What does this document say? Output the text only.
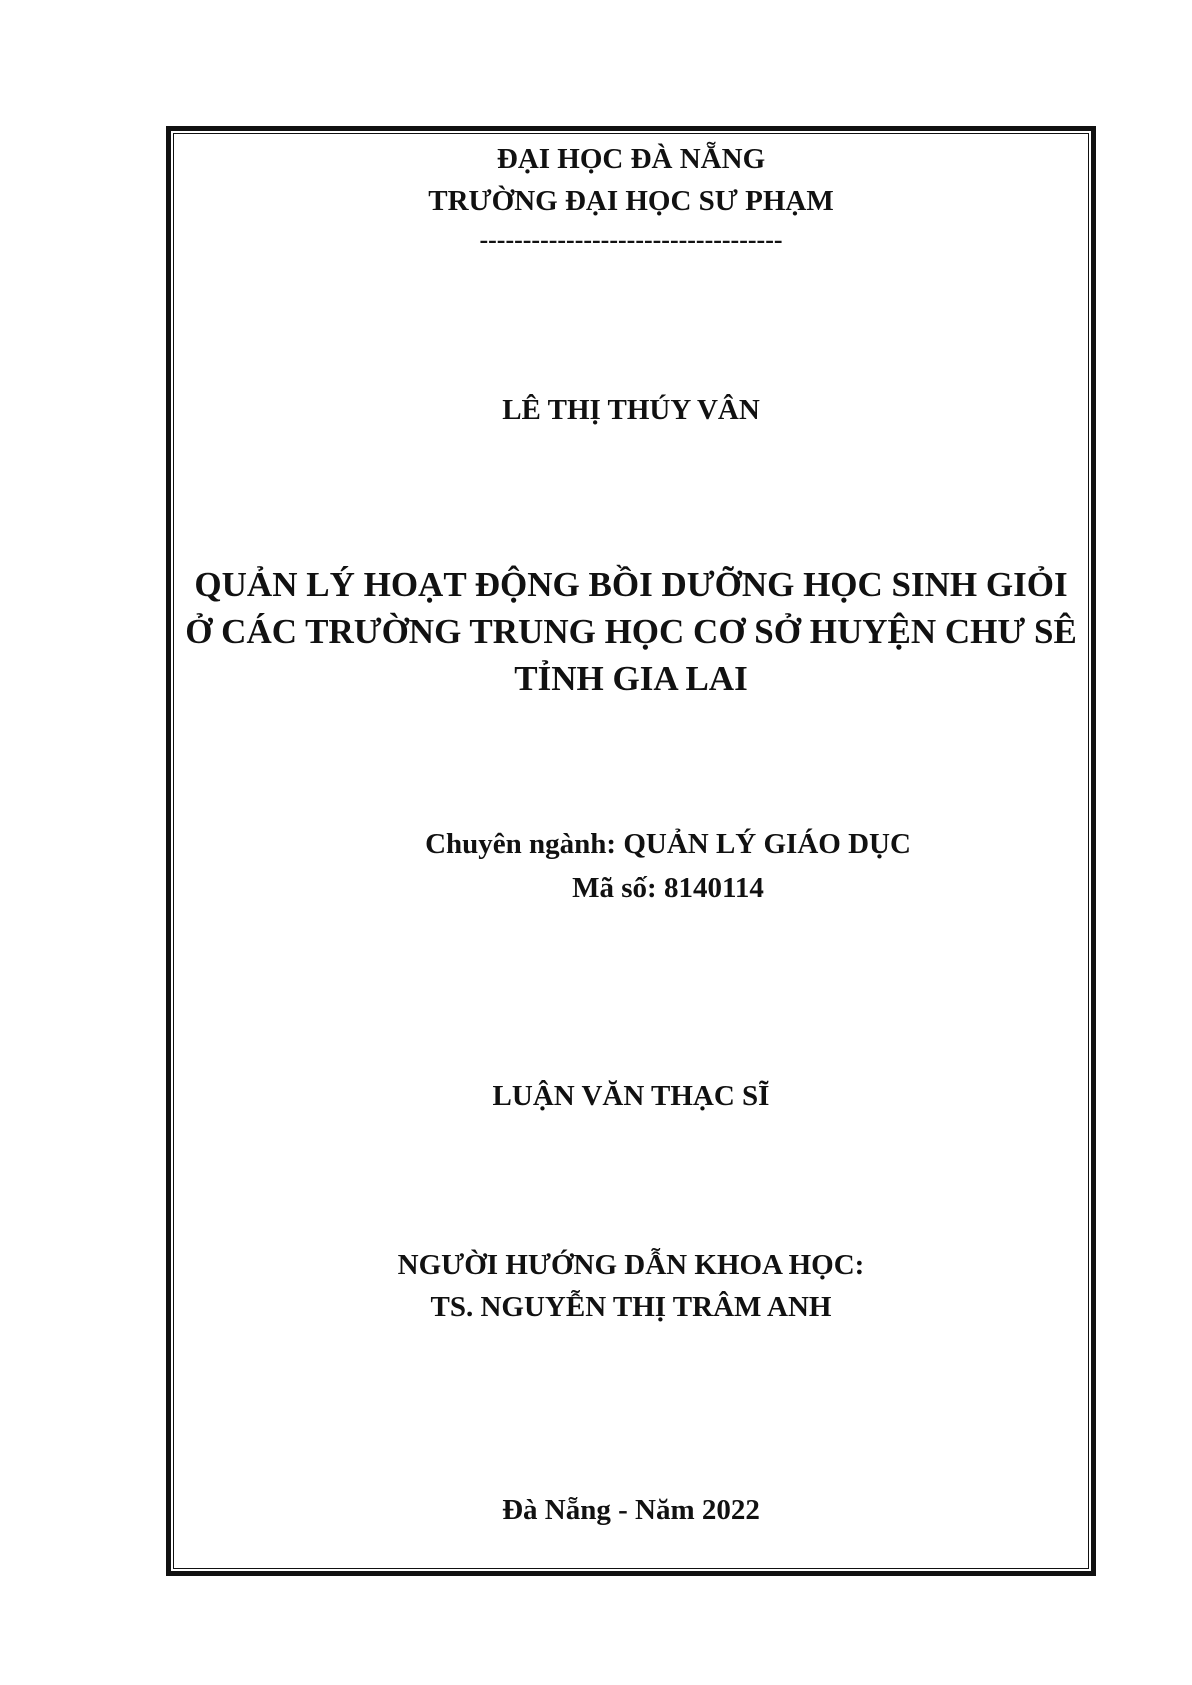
ĐẠI HỌC ĐÀ NẴNG
TRƯỜNG ĐẠI HỌC SƯ PHẠM
-----------------------------------
LÊ THỊ THÚY VÂN
QUẢN LÝ HOẠT ĐỘNG BỒI DƯỠNG HỌC SINH GIỎI
Ở CÁC TRƯỜNG TRUNG HỌC CƠ SỞ HUYỆN CHƯ SÊ
TỈNH GIA LAI
Chuyên ngành: QUẢN LÝ GIÁO DỤC
Mã số: 8140114
LUẬN VĂN THẠC SĨ
NGƯỜI HƯỚNG DẪN KHOA HỌC:
TS. NGUYỄN THỊ TRÂM ANH
Đà Nẵng - Năm 2022
